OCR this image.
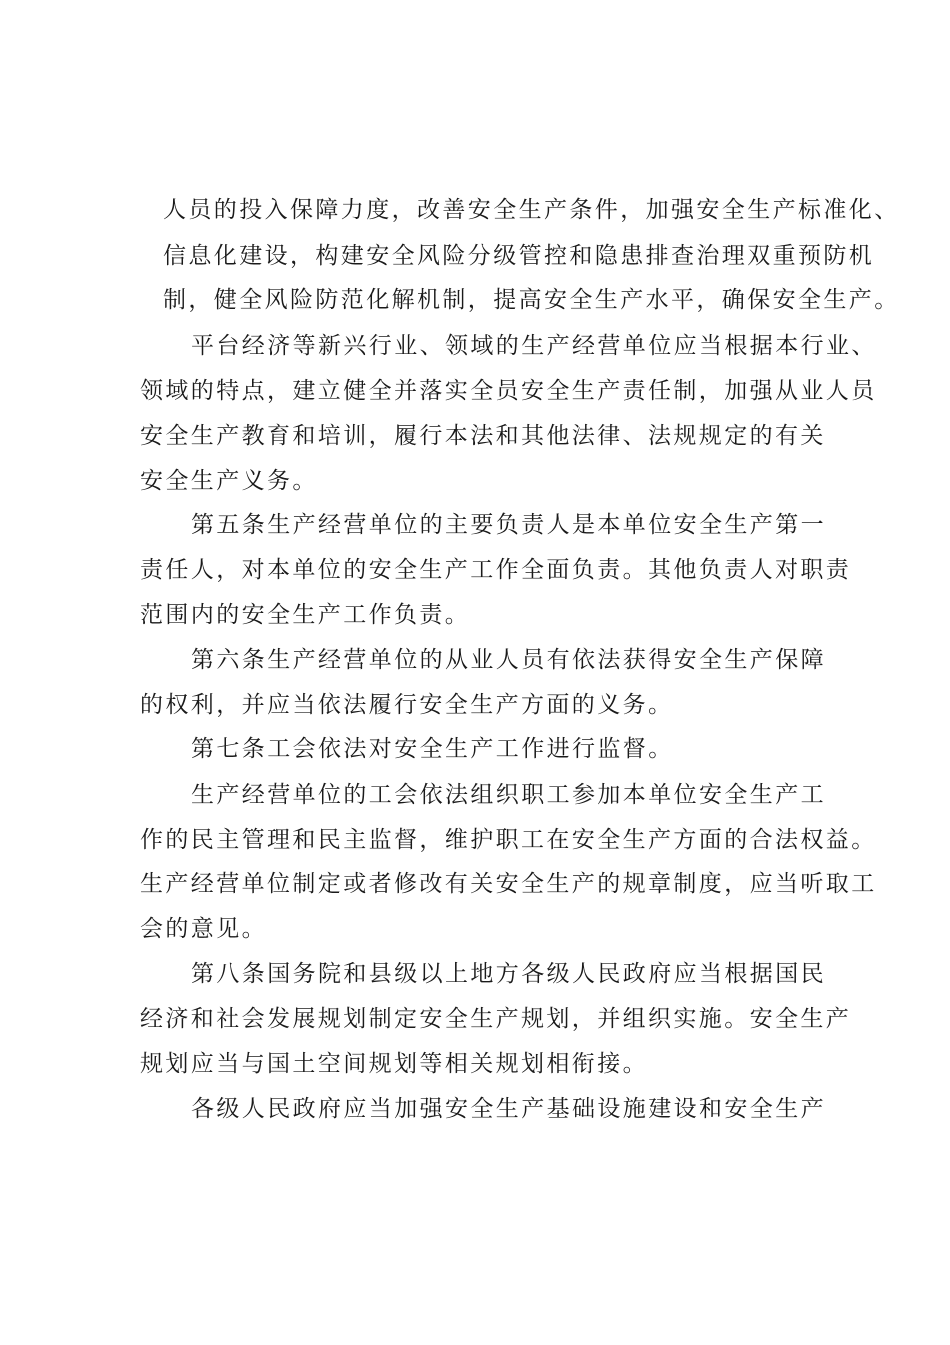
人员的投入保障力度，改善安全生产条件，加强安全生产标准化、
信息化建设，构建安全风险分级管控和隐患排查治理双重预防机
制，健全风险防范化解机制，提高安全生产水平，确保安全生产。
平台经济等新兴行业、领域的生产经营单位应当根据本行业、
领域的特点，建立健全并落实全员安全生产责任制，加强从业人员
安全生产教育和培训，履行本法和其他法律、法规规定的有关
安全生产义务。
第五条生产经营单位的主要负责人是本单位安全生产第一
责任人，对本单位的安全生产工作全面负责。其他负责人对职责
范围内的安全生产工作负责。
第六条生产经营单位的从业人员有依法获得安全生产保障
的权利，并应当依法履行安全生产方面的义务。
第七条工会依法对安全生产工作进行监督。
生产经营单位的工会依法组织职工参加本单位安全生产工
作的民主管理和民主监督，维护职工在安全生产方面的合法权益。
生产经营单位制定或者修改有关安全生产的规章制度，应当听取工
会的意见。
第八条国务院和县级以上地方各级人民政府应当根据国民
经济和社会发展规划制定安全生产规划，并组织实施。安全生产
规划应当与国土空间规划等相关规划相衔接。
各级人民政府应当加强安全生产基础设施建设和安全生产
